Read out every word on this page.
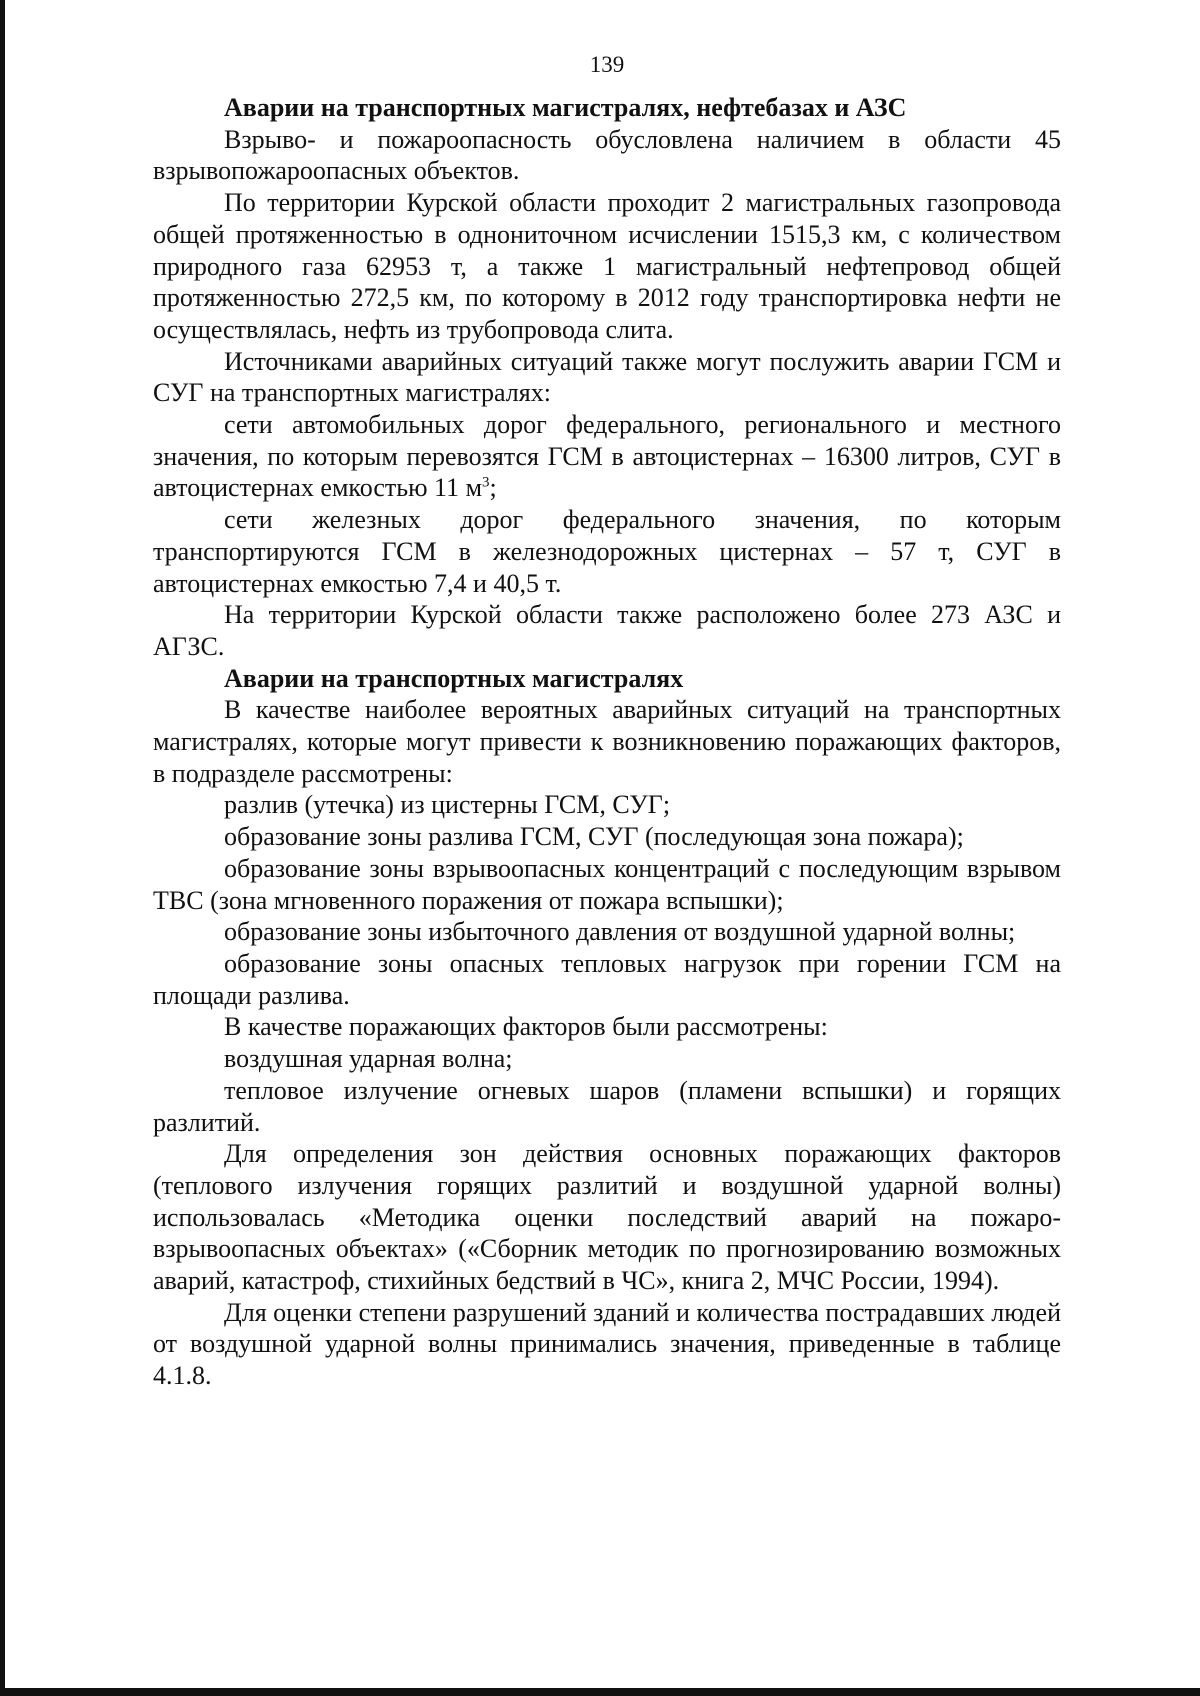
139

Аварии на транспортных магистралях, нефтебазах и АЗС

Взрыво- и пожароопасность обусловлена наличием в области 45 взрывопожароопасных объектов.

По территории Курской области проходит 2 магистральных газопровода общей протяженностью в однониточном исчислении 1515,3 км, с количеством природного газа 62953 т, а также 1 магистральный нефтепровод общей протяженностью 272,5 км, по которому в 2012 году транспортировка нефти не осуществлялась, нефть из трубопровода слита.

Источниками аварийных ситуаций также могут послужить аварии ГСМ и СУГ на транспортных магистралях:

сети автомобильных дорог федерального, регионального и местного значения, по которым перевозятся ГСМ в автоцистернах – 16300 литров, СУГ в автоцистернах емкостью 11 $м^3$;

сети железных дорог федерального значения, по которым транспортируются ГСМ в железнодорожных цистернах – 57 т, СУГ в автоцистернах емкостью 7,4 и 40,5 т.

На территории Курской области также расположено более 273 АЗС и АГЗС.

Аварии на транспортных магистралях

В качестве наиболее вероятных аварийных ситуаций на транспортных магистралях, которые могут привести к возникновению поражающих факторов, в подразделе рассмотрены:

разлив (утечка) из цистерны ГСМ, СУГ;

образование зоны разлива ГСМ, СУГ (последующая зона пожара);

образование зоны взрывоопасных концентраций с последующим взрывом ТВС (зона мгновенного поражения от пожара вспышки);

образование зоны избыточного давления от воздушной ударной волны;

образование зоны опасных тепловых нагрузок при горении ГСМ на площади разлива.

В качестве поражающих факторов были рассмотрены:

воздушная ударная волна;

тепловое излучение огневых шаров (пламени вспышки) и горящих разлитий.

Для определения зон действия основных поражающих факторов (теплового излучения горящих разлитий и воздушной ударной волны) использовалась «Методика оценки последствий аварий на пожаро-взрывоопасных объектах» («Сборник методик по прогнозированию возможных аварий, катастроф, стихийных бедствий в ЧС», книга 2, МЧС России, 1994).

Для оценки степени разрушений зданий и количества пострадавших людей от воздушной ударной волны принимались значения, приведенные в таблице 4.1.8.
